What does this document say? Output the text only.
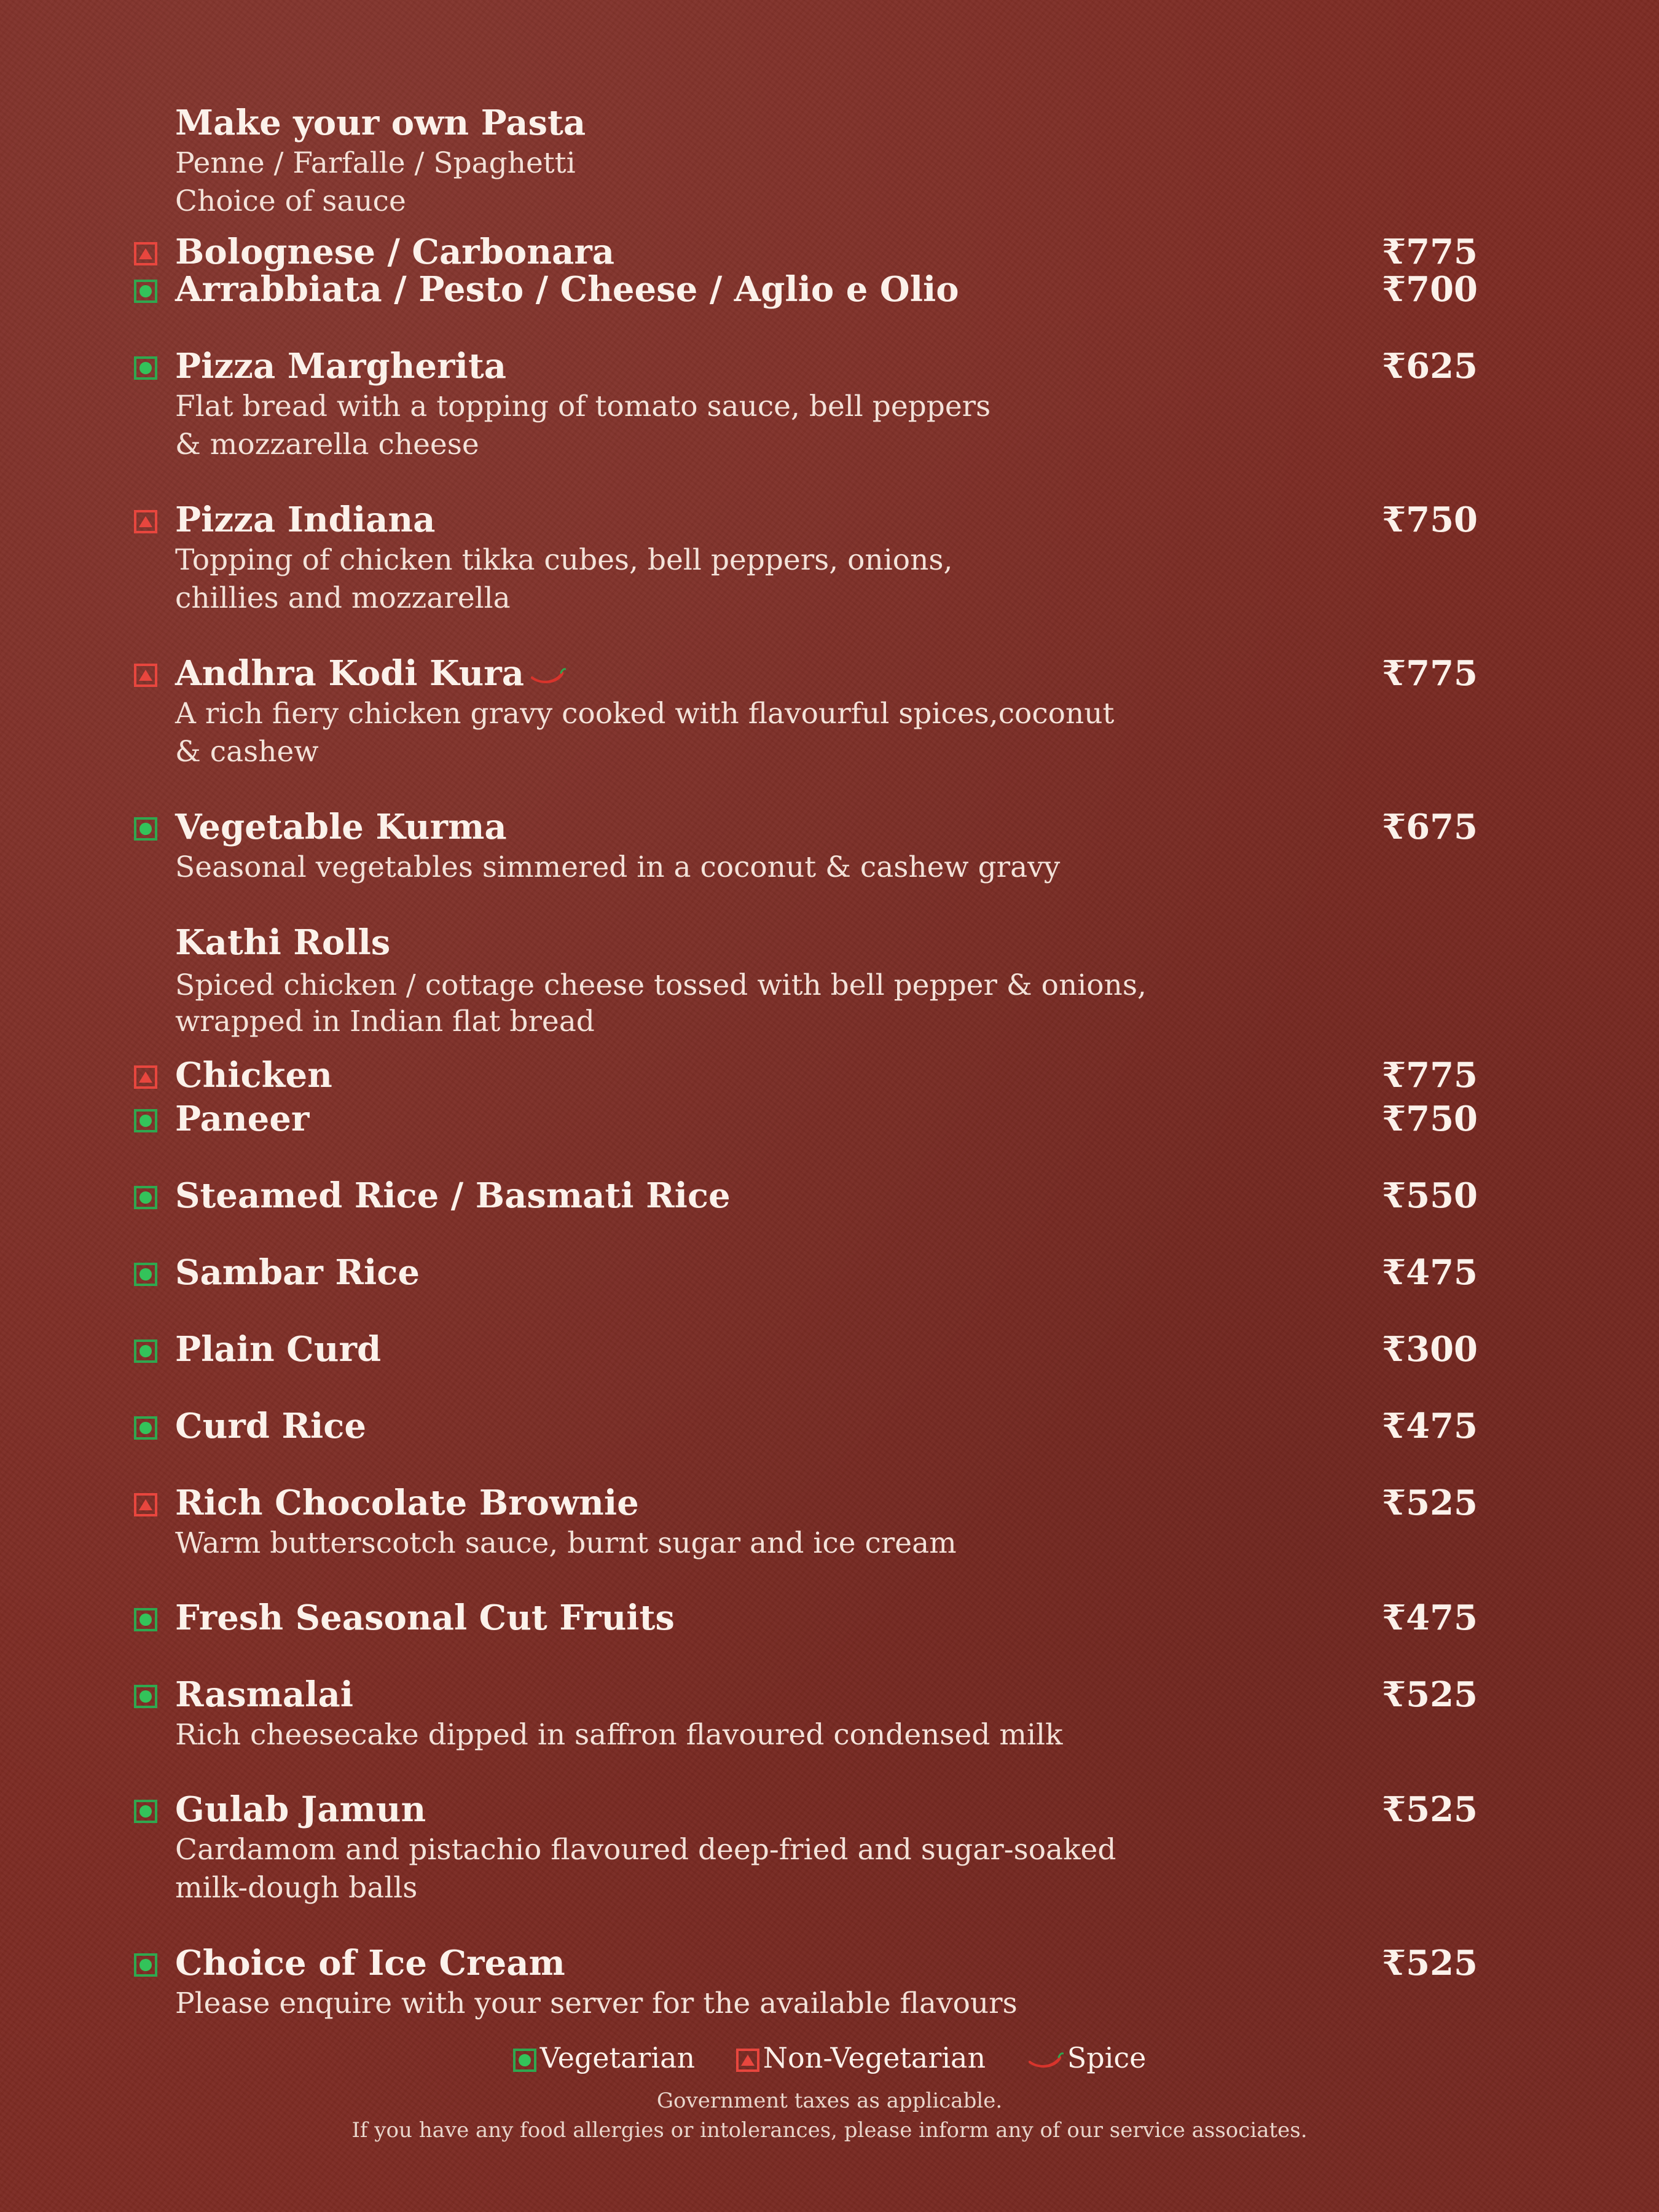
Make your own Pasta
Penne / Farfalle / Spaghetti
Choice of sauce
Bolognese / Carbonara	₹775
Arrabbiata / Pesto / Cheese / Aglio e Olio	₹700
Pizza Margherita	₹625
Flat bread with a topping of tomato sauce, bell peppers
& mozzarella cheese
Pizza Indiana	₹750
Topping of chicken tikka cubes, bell peppers, onions,
chillies and mozzarella
Andhra Kodi Kura	₹775
A rich fiery chicken gravy cooked with flavourful spices,coconut
& cashew
Vegetable Kurma	₹675
Seasonal vegetables simmered in a coconut & cashew gravy
Kathi Rolls
Spiced chicken / cottage cheese tossed with bell pepper & onions,
wrapped in Indian flat bread
Chicken	₹775
Paneer	₹750
Steamed Rice / Basmati Rice	₹550
Sambar Rice	₹475
Plain Curd	₹300
Curd Rice	₹475
Rich Chocolate Brownie	₹525
Warm butterscotch sauce, burnt sugar and ice cream
Fresh Seasonal Cut Fruits	₹475
Rasmalai	₹525
Rich cheesecake dipped in saffron flavoured condensed milk
Gulab Jamun	₹525
Cardamom and pistachio flavoured deep-fried and sugar-soaked
milk-dough balls
Choice of Ice Cream	₹525
Please enquire with your server for the available flavours
Vegetarian Non-Vegetarian	Spice
Government taxes as applicable.
If you have any food allergies or intolerances, please inform any of our service associates.
